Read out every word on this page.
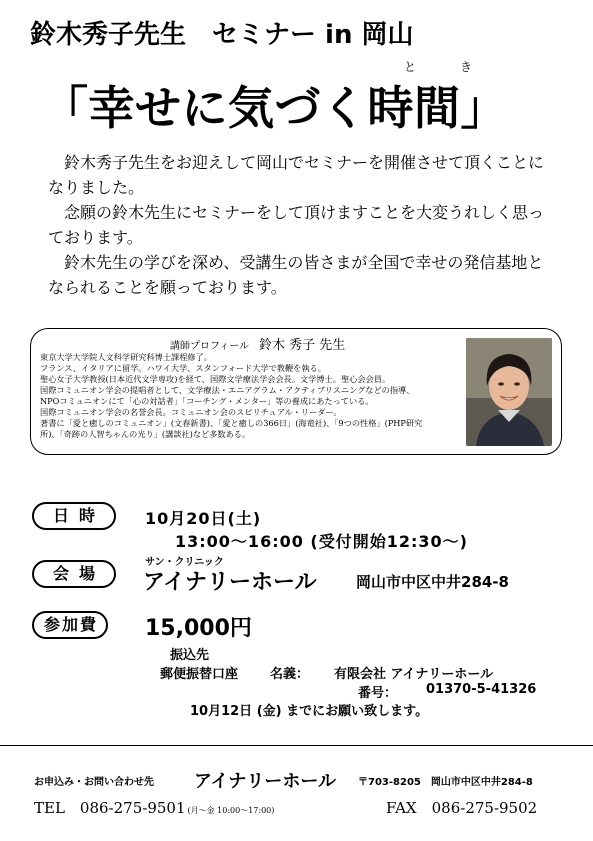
鈴木秀子先生　セミナー in 岡山
と	き
「幸せに気づく時間」

鈴木秀子先生をお迎えして岡山でセミナーを開催させて頂くことになりました。

念願の鈴木先生にセミナーをして頂けますことを大変うれしく思っております。

鈴木先生の学びを深め、受講生の皆さまが全国で幸せの発信基地となられることを願っております。

講師プロフィール 鈴木 秀子 先生
東京大学大学院人文科学研究科博士課程修了。
フランス、イタリアに留学。ハワイ大学、スタンフォード大学で教鞭を執る。
聖心女子大学教授(日本近代文学専攻)を経て、国際文学療法学会会長。文学博士。聖心会会員。
国際コミュニオン学会の提唱者として、文学療法・エニアグラム・アクティブリスニングなどの指導、
NPOコミュニオンにて「心の対話者」「コーチング・メンター」等の養成にあたっている。
国際コミュニオン学会の名誉会長。コミュニオン会のスピリチュアル・リーダー。
著書に「愛と癒しのコミュニオン」(文春新書)、「愛と癒しの366日」(海竜社)、「9つの性格」(PHP研究
所)、「奇跡の人智ちゃんの光り」(講談社)など多数ある。
日時	10月20日(土)
13:00〜16:00 (受付開始12:30〜)
会場
サン・クリニック
アイナリーホール	岡山市中区中井284-8
参加費	15,000円
振込先
郵便振替口座 名義： 有限会社 アイナリーホール
番号： 01370-5-41326
10月12日 (金) までにお願い致します。
お申込み・お問い合わせ先 アイナリーホール 〒703-8205　岡山市中区中井284-8
TEL　086-275-9501 (月〜金 10:00〜17:00)	FAX　086-275-9502
